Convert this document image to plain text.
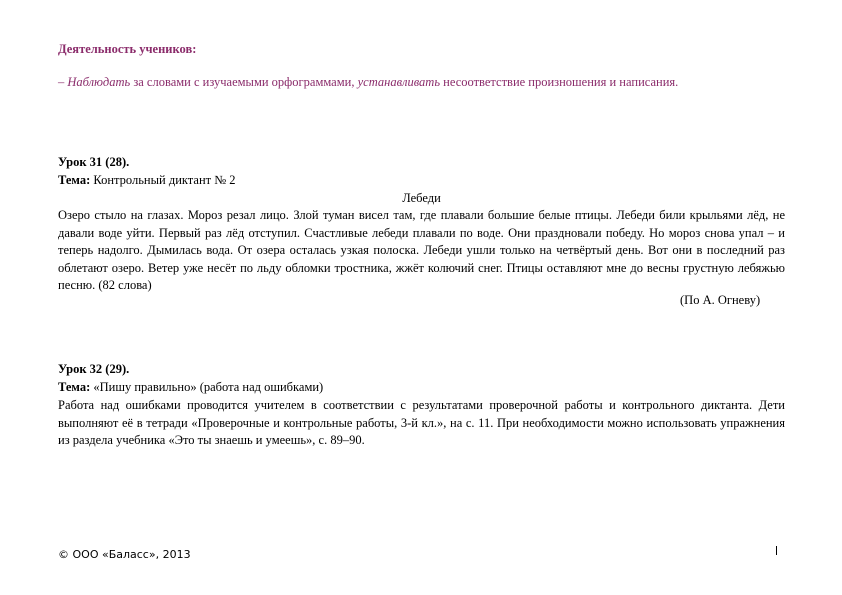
Деятельность учеников:
– Наблюдать за словами с изучаемыми орфограммами, устанавливать несоответствие произношения и написания.
Урок 31 (28).
Тема: Контрольный диктант № 2
Лебеди
Озеро стыло на глазах. Мороз резал лицо. Злой туман висел там, где плавали большие белые птицы. Лебеди били крыльями лёд, не давали воде уйти. Первый раз лёд отступил. Счастливые лебеди плавали по воде. Они праздновали победу. Но мороз снова упал – и теперь надолго. Дымилась вода. От озера осталась узкая полоска. Лебеди ушли только на четвёртый день. Вот они в последний раз облетают озеро. Ветер уже несёт по льду обломки тростника, жжёт колючий снег. Птицы оставляют мне до весны грустную лебяжью песню. (82 слова)
(По А. Огневу)
Урок 32 (29).
Тема: «Пишу правильно» (работа над ошибками)
Работа над ошибками проводится учителем в соответствии с результатами проверочной работы и контрольного диктанта. Дети выполняют её в тетради «Проверочные и контрольные работы, 3-й кл.», на с. 11. При необходимости можно использовать упражнения из раздела учебника «Это ты знаешь и умеешь», с. 89–90.
© ООО «Баласс», 2013
